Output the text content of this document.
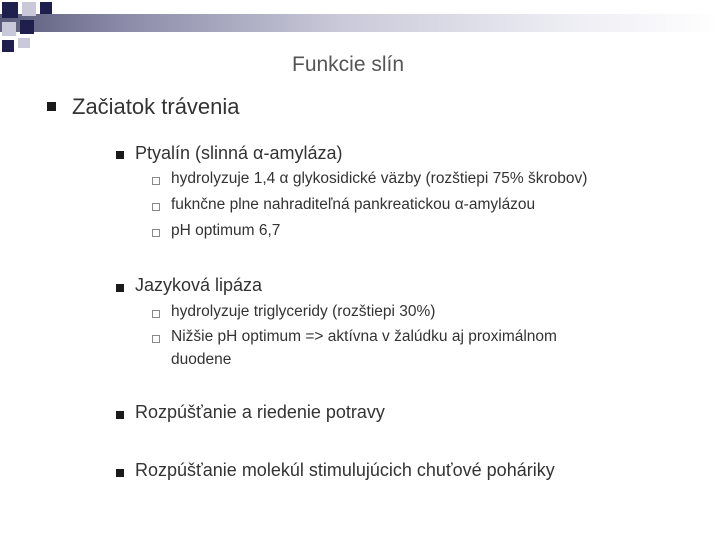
Funkcie slín
Začiatok trávenia
Ptyalín (slinná α-amyláza)
hydrolyzuje 1,4 α glykosidické väzby (rozštiepi 75% škrobov)
fuknčne plne nahraditeľná pankreatickou α-amylázou
pH optimum 6,7
Jazyková lipáza
hydrolyzuje triglyceridy (rozštiepi 30%)
Nižšie pH optimum => aktívna v žalúdku aj proximálnom
duodene
Rozpúšťanie a riedenie potravy
Rozpúšťanie molekúl stimulujúcich chuťové poháriky
